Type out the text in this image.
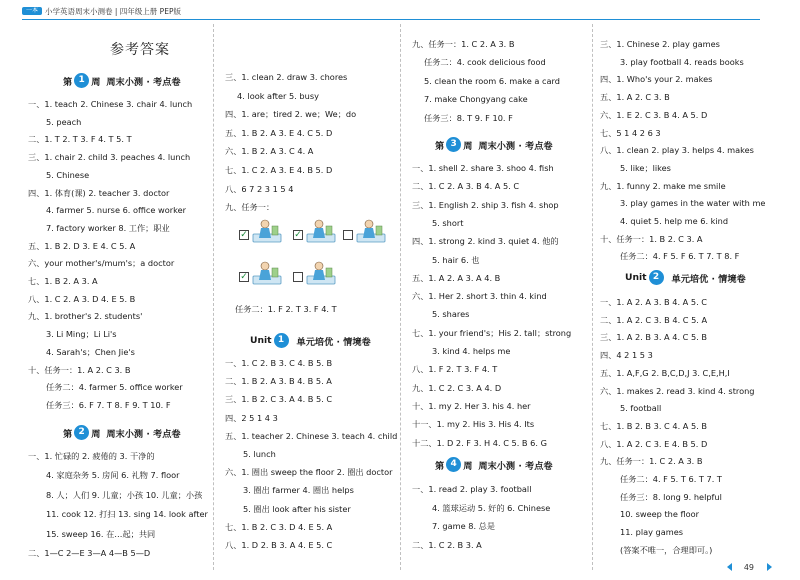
一本 小学英语周末小测卷 | 四年级上册 PEP版
参考答案
第 1 周 周末小测 · 考点卷
一、1. teach 2. Chinese 3. chair 4. lunch
5. peach
二、1. T 2. T 3. F 4. T 5. T
三、1. chair 2. child 3. peaches 4. lunch
5. Chinese
四、1. 体育(课) 2. teacher 3. doctor
4. farmer 5. nurse 6. office worker
7. factory worker 8. 工作；职业
五、1. B 2. D 3. E 4. C 5. A
六、your mother's/mum's；a doctor
七、1. B 2. A 3. A
八、1. C 2. A 3. D 4. E 5. B
九、1. brother's 2. students'
3. Li Ming；Li Li's
4. Sarah's；Chen Jie's
十、任务一：1. A 2. C 3. B
任务二：4. farmer 5. office worker
任务三：6. F 7. T 8. F 9. T 10. F
第 2 周 周末小测 · 考点卷
一、1. 忙碌的 2. 疲倦的 3. 干净的
4. 家庭杂务 5. 房间 6. 礼物 7. floor
8. 人；人们 9. 儿童；小孩 10. 儿童；小孩
11. cook 12. 打扫 13. sing 14. look after
15. sweep 16. 在…起；共同
二、1—C 2—E 3—A 4—B 5—D
三、1. clean 2. draw 3. chores
4. look after 5. busy
四、1. are；tired 2. we；We；do
五、1. B 2. A 3. E 4. C 5. D
六、1. B 2. A 3. C 4. A
七、1. C 2. A 3. E 4. B 5. D
八、6 7 2 3 1 5 4
九、任务一：
✓	✓
✓
任务二：1. F 2. T 3. F 4. T
Unit 1	单元培优 · 情境卷
一、1. C 2. B 3. C 4. B 5. B
二、1. B 2. A 3. B 4. B 5. A
三、1. B 2. C 3. A 4. B 5. C
四、2 5 1 4 3
五、1. teacher 2. Chinese 3. teach 4. child
5. lunch
六、1. 圈出 sweep the floor 2. 圈出 doctor
3. 圈出 farmer 4. 圈出 helps
5. 圈出 look after his sister
七、1. B 2. C 3. D 4. E 5. A
八、1. D 2. B 3. A 4. E 5. C
九、任务一：1. C 2. A 3. B
任务二：4. cook delicious food
5. clean the room 6. make a card
7. make Chongyang cake
任务三：8. T 9. F 10. F
第 3 周 周末小测 · 考点卷
一、1. shell 2. share 3. shoo 4. fish
二、1. C 2. A 3. B 4. A 5. C
三、1. English 2. ship 3. fish 4. shop
5. short
四、1. strong 2. kind 3. quiet 4. 他的
5. hair 6. 也
五、1. A 2. A 3. A 4. B
六、1. Her 2. short 3. thin 4. kind
5. shares
七、1. your friend's；His 2. tall；strong
3. kind 4. helps me
八、1. F 2. T 3. F 4. T
九、1. C 2. C 3. A 4. D
十、1. my 2. Her 3. his 4. her
十一、1. my 2. His 3. His 4. Its
十二、1. D 2. F 3. H 4. C 5. B 6. G
第 4 周 周末小测 · 考点卷
一、1. read 2. play 3. football
4. 篮球运动 5. 好的 6. Chinese
7. game 8. 总是
二、1. C 2. B 3. A
三、1. Chinese 2. play games
3. play football 4. reads books
四、1. Who's your 2. makes
五、1. A 2. C 3. B
六、1. E 2. C 3. B 4. A 5. D
七、5 1 4 2 6 3
八、1. clean 2. play 3. helps 4. makes
5. like；likes
九、1. funny 2. make me smile
3. play games in the water with me
4. quiet 5. help me 6. kind
十、任务一：1. B 2. C 3. A
任务二：4. F 5. F 6. T 7. T 8. F
Unit 2	单元培优 · 情境卷
一、1. A 2. A 3. B 4. A 5. C
二、1. A 2. C 3. B 4. C 5. A
三、1. A 2. B 3. A 4. C 5. B
四、4 2 1 5 3
五、1. A,F,G 2. B,C,D,J 3. C,E,H,I
六、1. makes 2. read 3. kind 4. strong
5. football
七、1. B 2. B 3. C 4. A 5. B
八、1. A 2. C 3. E 4. B 5. D
九、任务一：1. C 2. A 3. B
任务二：4. F 5. T 6. T 7. T
任务三：8. long 9. helpful
10. sweep the floor
11. play games
(答案不唯一，合理即可。)
49
